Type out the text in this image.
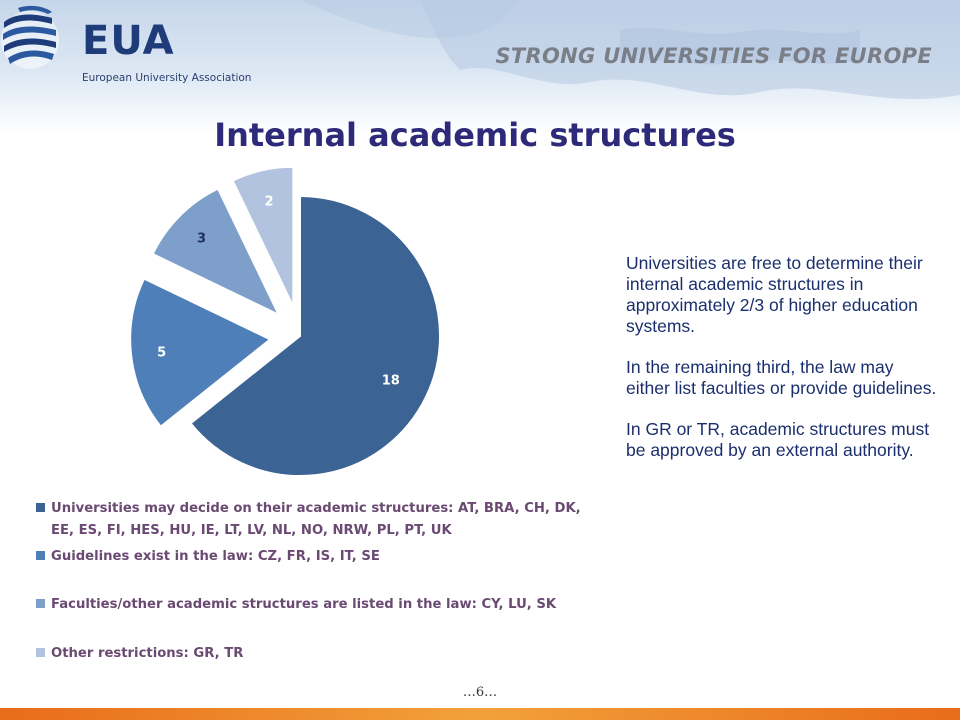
EUA
European University Association
STRONG UNIVERSITIES FOR EUROPE
Internal academic structures
18
5
3
2
Universities may decide on their academic structures: AT, BRA, CH, DK, EE, ES, FI, HES, HU, IE, LT, LV, NL, NO, NRW, PL, PT, UK
Guidelines exist in the law: CZ, FR, IS, IT, SE
Faculties/other academic structures are listed in the law: CY, LU, SK
Other restrictions: GR, TR

Universities are free to determine their internal academic structures in approximately 2/3 of higher education systems.

In the remaining third, the law may either list faculties or provide guidelines.

In GR or TR, academic structures must be approved by an external authority.

…6…
